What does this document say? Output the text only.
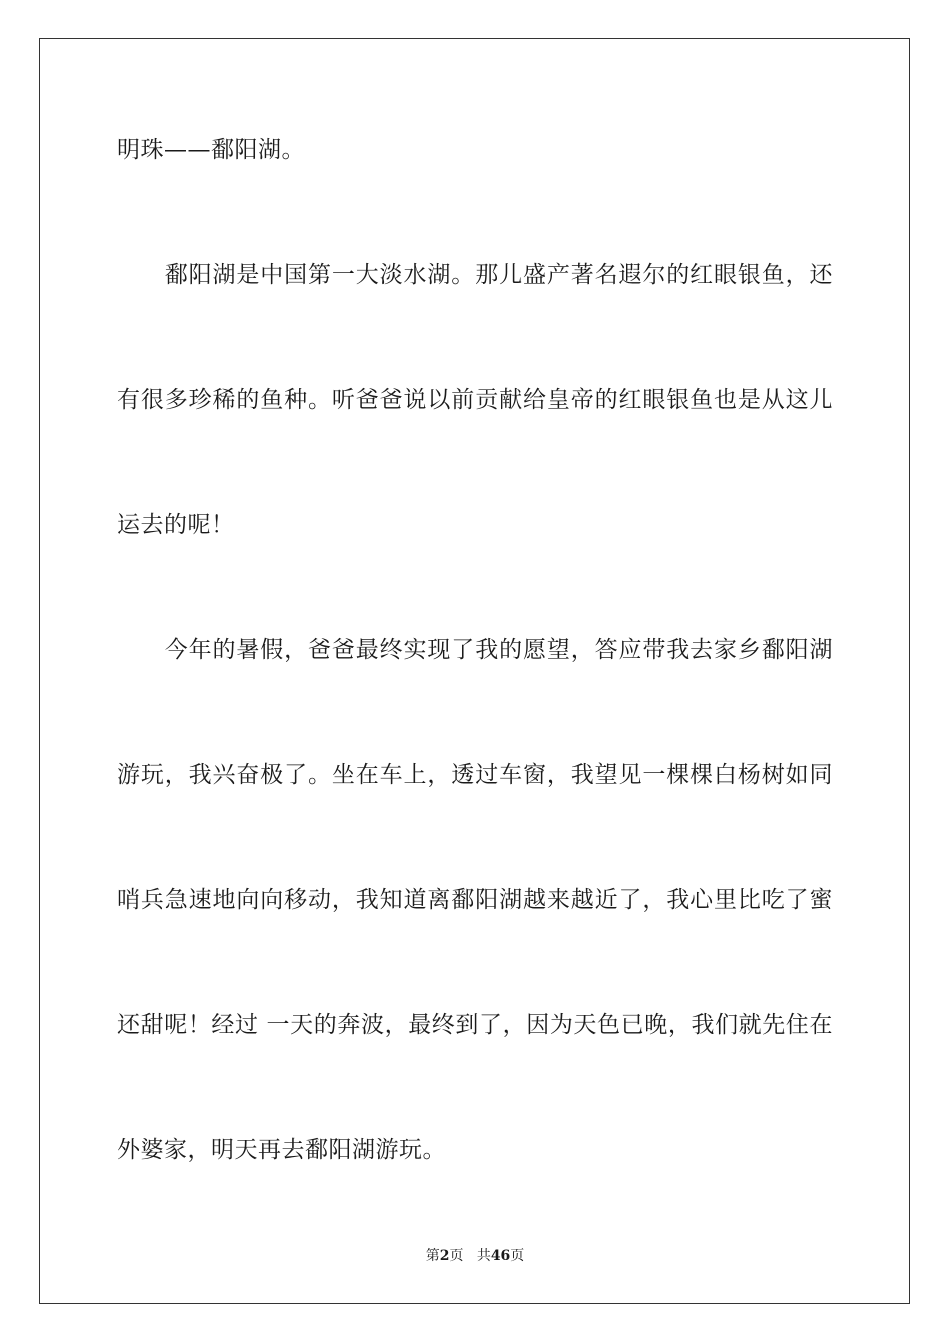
明珠——鄱阳湖。
　　鄱阳湖是中国第一大淡水湖。那儿盛产著名遐尔的红眼银鱼，还
有很多珍稀的鱼种。听爸爸说以前贡献给皇帝的红眼银鱼也是从这儿
运去的呢！
　　今年的暑假，爸爸最终实现了我的愿望，答应带我去家乡鄱阳湖
游玩，我兴奋极了。坐在车上，透过车窗，我望见一棵棵白杨树如同
哨兵急速地向向移动，我知道离鄱阳湖越来越近了，我心里比吃了蜜
还甜呢！经过 一天的奔波，最终到了，因为天色已晚，我们就先住在
外婆家，明天再去鄱阳湖游玩。
第2页 共46页
